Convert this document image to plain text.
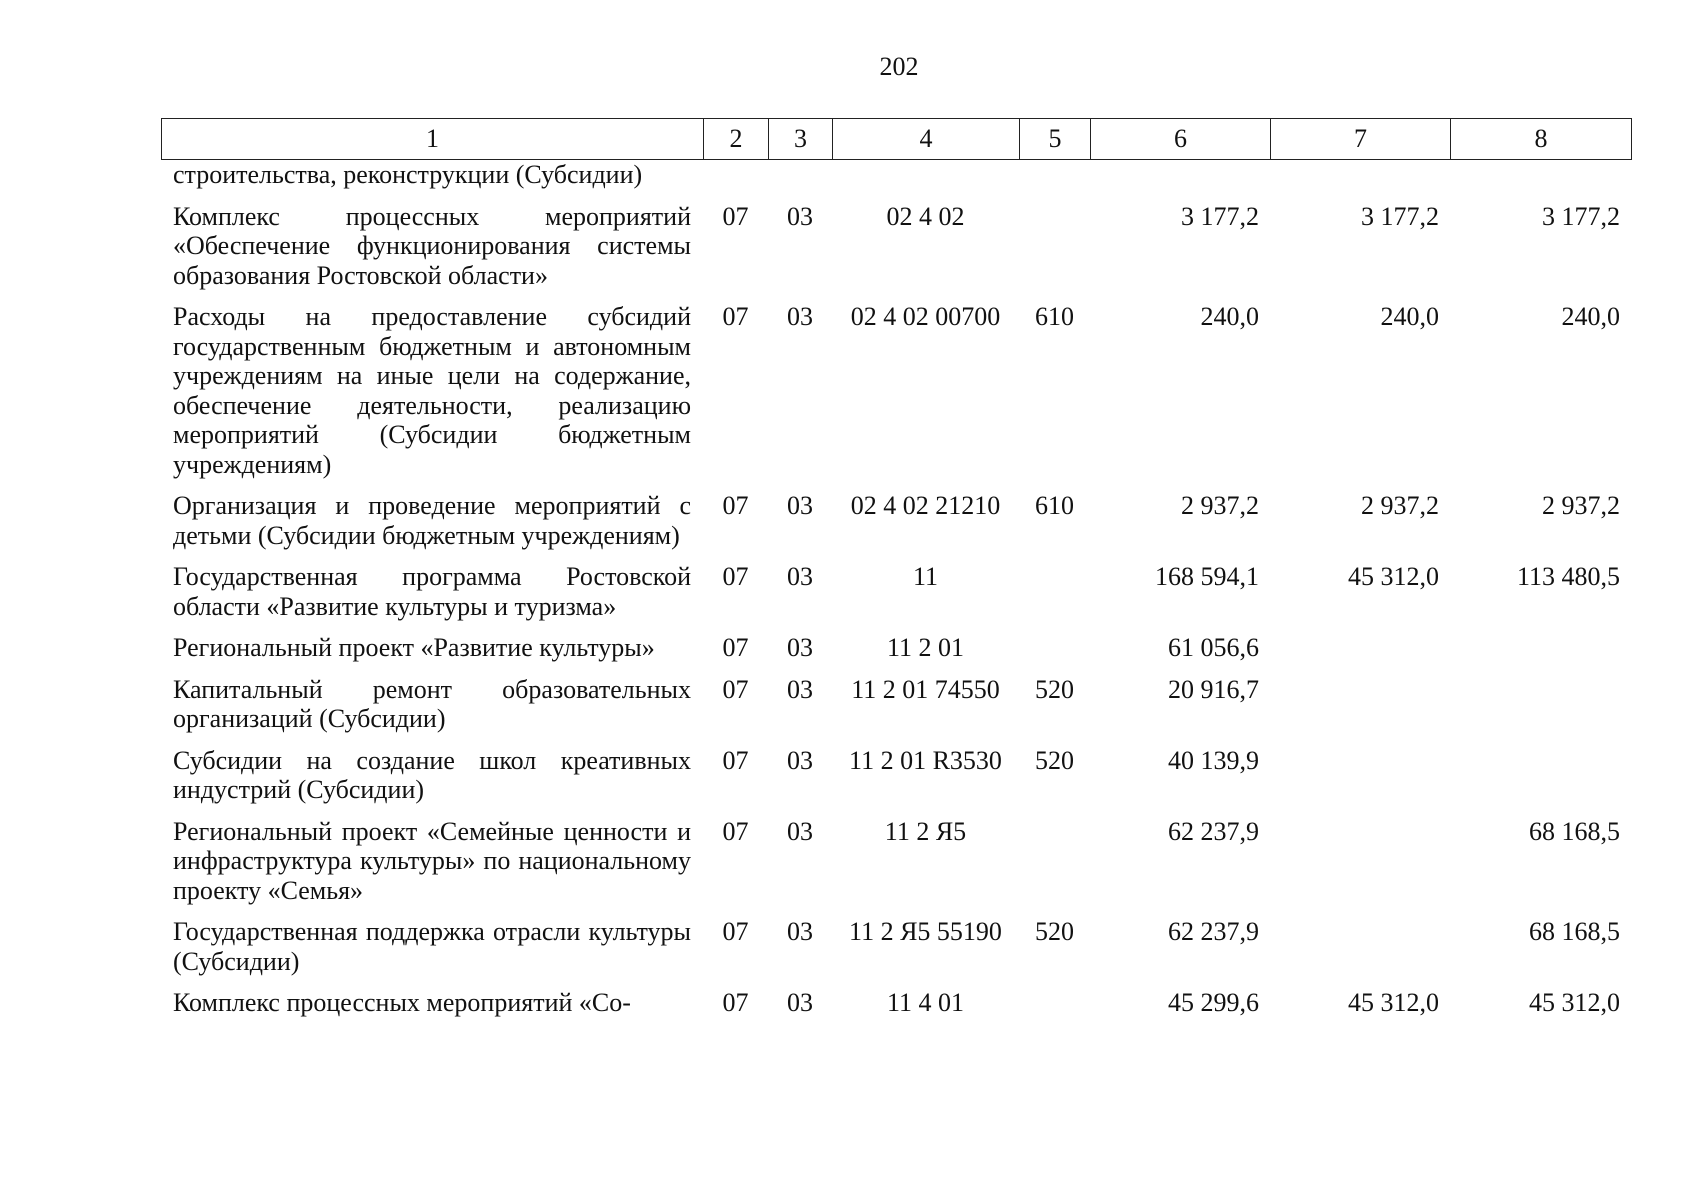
202
1	2	3	4	5	6	7	8
строительства, реконструкции (Субсидии)							
Комплекс процессных мероприятий «Обеспечение функционирования системы образования Ростовской области»	07	03	02 4 02		3 177,2	3 177,2	3 177,2
Расходы на предоставление субсидий государственным бюджетным и автономным учреждениям на иные цели на содержание, обеспечение деятельности, реализацию мероприятий (Субсидии бюджетным учреждениям)	07	03	02 4 02 00700	610	240,0	240,0	240,0
Организация и проведение мероприятий с детьми (Субсидии бюджетным учреждениям)	07	03	02 4 02 21210	610	2 937,2	2 937,2	2 937,2
Государственная программа Ростовской области «Развитие культуры и туризма»	07	03	11		168 594,1	45 312,0	113 480,5
Региональный проект «Развитие культуры»	07	03	11 2 01		61 056,6		
Капитальный ремонт образовательных организаций (Субсидии)	07	03	11 2 01 74550	520	20 916,7		
Субсидии на создание школ креативных индустрий (Субсидии)	07	03	11 2 01 R3530	520	40 139,9		
Региональный проект «Семейные ценности и инфраструктура культуры» по национальному проекту «Семья»	07	03	11 2 Я5		62 237,9		68 168,5
Государственная поддержка отрасли культуры (Субсидии)	07	03	11 2 Я5 55190	520	62 237,9		68 168,5
Комплекс процессных мероприятий «Со-	07	03	11 4 01		45 299,6	45 312,0	45 312,0
